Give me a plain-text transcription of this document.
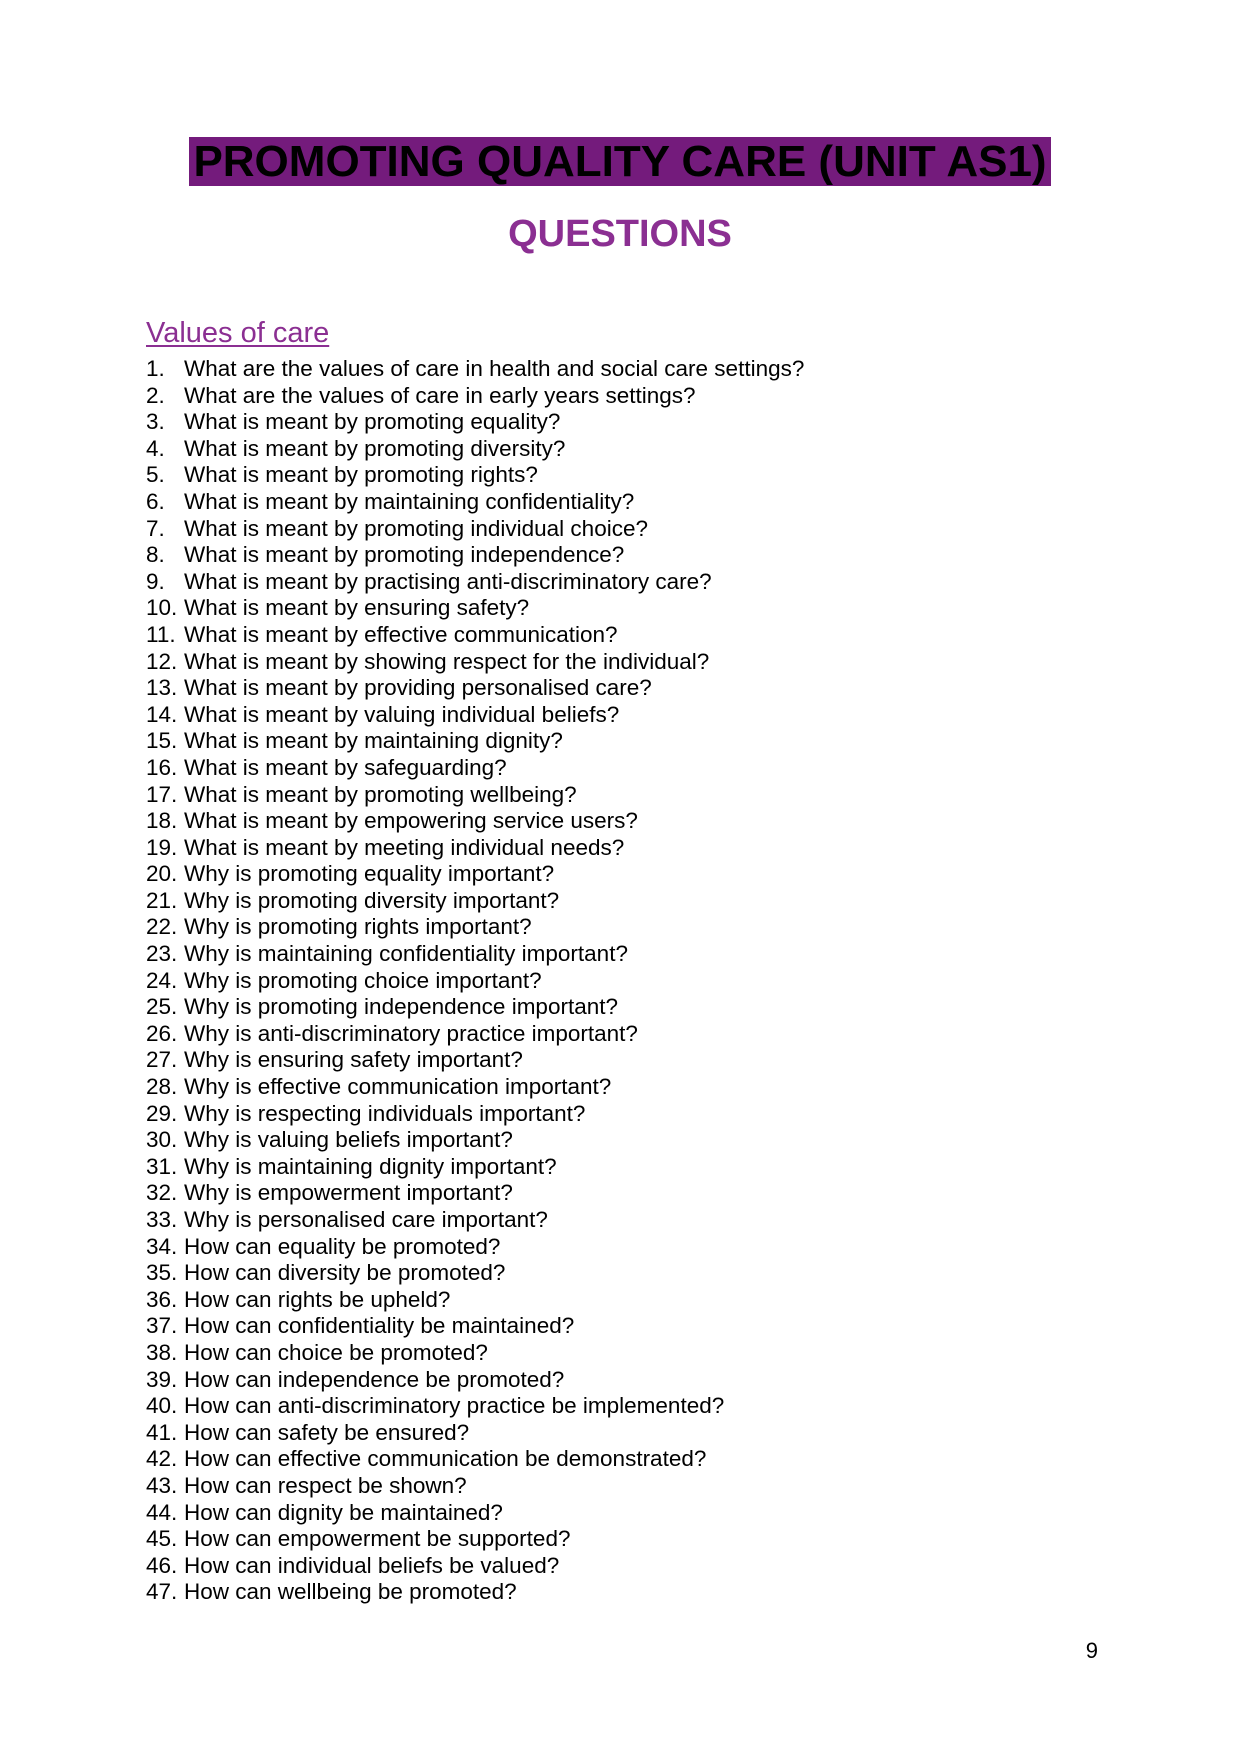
PROMOTING QUALITY CARE (UNIT AS1)
QUESTIONS
Values of care
1. What are the values of care in health and social care settings?
2. What are the values of care in early years settings?
3. What is meant by promoting equality?
4. What is meant by promoting diversity?
5. What is meant by promoting rights?
6. What is meant by maintaining confidentiality?
7. What is meant by promoting individual choice?
8. What is meant by promoting independence?
9. What is meant by practising anti-discriminatory care?
10. What is meant by ensuring safety?
11. What is meant by effective communication?
12. What is meant by showing respect for the individual?
13. What is meant by providing personalised care?
14. What is meant by valuing individual beliefs?
15. What is meant by maintaining dignity?
16. What is meant by safeguarding?
17. What is meant by promoting wellbeing?
18. What is meant by empowering service users?
19. What is meant by meeting individual needs?
20. Why is promoting equality important?
21. Why is promoting diversity important?
22. Why is promoting rights important?
23. Why is maintaining confidentiality important?
24. Why is promoting choice important?
25. Why is promoting independence important?
26. Why is anti-discriminatory practice important?
27. Why is ensuring safety important?
28. Why is effective communication important?
29. Why is respecting individuals important?
30. Why is valuing beliefs important?
31. Why is maintaining dignity important?
32. Why is empowerment important?
33. Why is personalised care important?
34. How can equality be promoted?
35. How can diversity be promoted?
36. How can rights be upheld?
37. How can confidentiality be maintained?
38. How can choice be promoted?
39. How can independence be promoted?
40. How can anti-discriminatory practice be implemented?
41. How can safety be ensured?
42. How can effective communication be demonstrated?
43. How can respect be shown?
44. How can dignity be maintained?
45. How can empowerment be supported?
46. How can individual beliefs be valued?
47. How can wellbeing be promoted?
9
